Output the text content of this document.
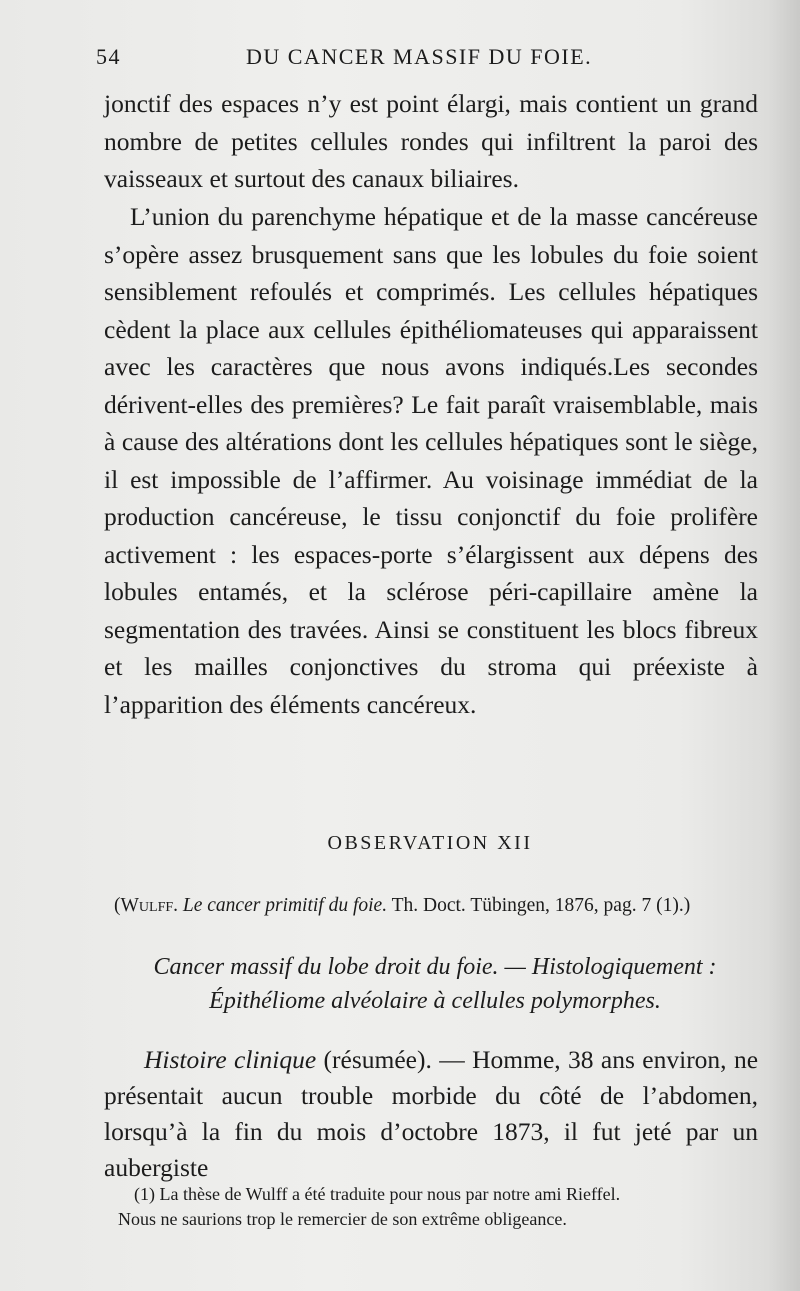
54	DU CANCER MASSIF DU FOIE.

jonctif des espaces n’y est point élargi, mais contient un grand nombre de petites cellules rondes qui infiltrent la paroi des vaisseaux et surtout des canaux biliaires.

L’union du parenchyme hépatique et de la masse cancéreuse s’opère assez brusquement sans que les lobules du foie soient sensiblement refoulés et comprimés. Les cellules hépatiques cèdent la place aux cellules épithéliomateuses qui apparaissent avec les caractères que nous avons indiqués.Les secondes dérivent-elles des premières? Le fait paraît vraisemblable, mais à cause des altérations dont les cellules hépatiques sont le siège, il est impossible de l’affirmer. Au voisinage immédiat de la production cancéreuse, le tissu conjonctif du foie prolifère activement : les espaces-porte s’élargissent aux dépens des lobules entamés, et la sclérose péri-capillaire amène la segmentation des travées. Ainsi se constituent les blocs fibreux et les mailles conjonctives du stroma qui préexiste à l’apparition des éléments cancéreux.

OBSERVATION XII
(Wulff. Le cancer primitif du foie. Th. Doct. Tübingen, 1876, pag. 7 (1).)
Cancer massif du lobe droit du foie. — Histologiquement :
Épithéliome alvéolaire à cellules polymorphes.

Histoire clinique (résumée). — Homme, 38 ans environ, ne présentait aucun trouble morbide du côté de l’abdomen, lorsqu’à la fin du mois d’octobre 1873, il fut jeté par un aubergiste

(1) La thèse de Wulff a été traduite pour nous par notre ami Rieffel.
Nous ne saurions trop le remercier de son extrême obligeance.
